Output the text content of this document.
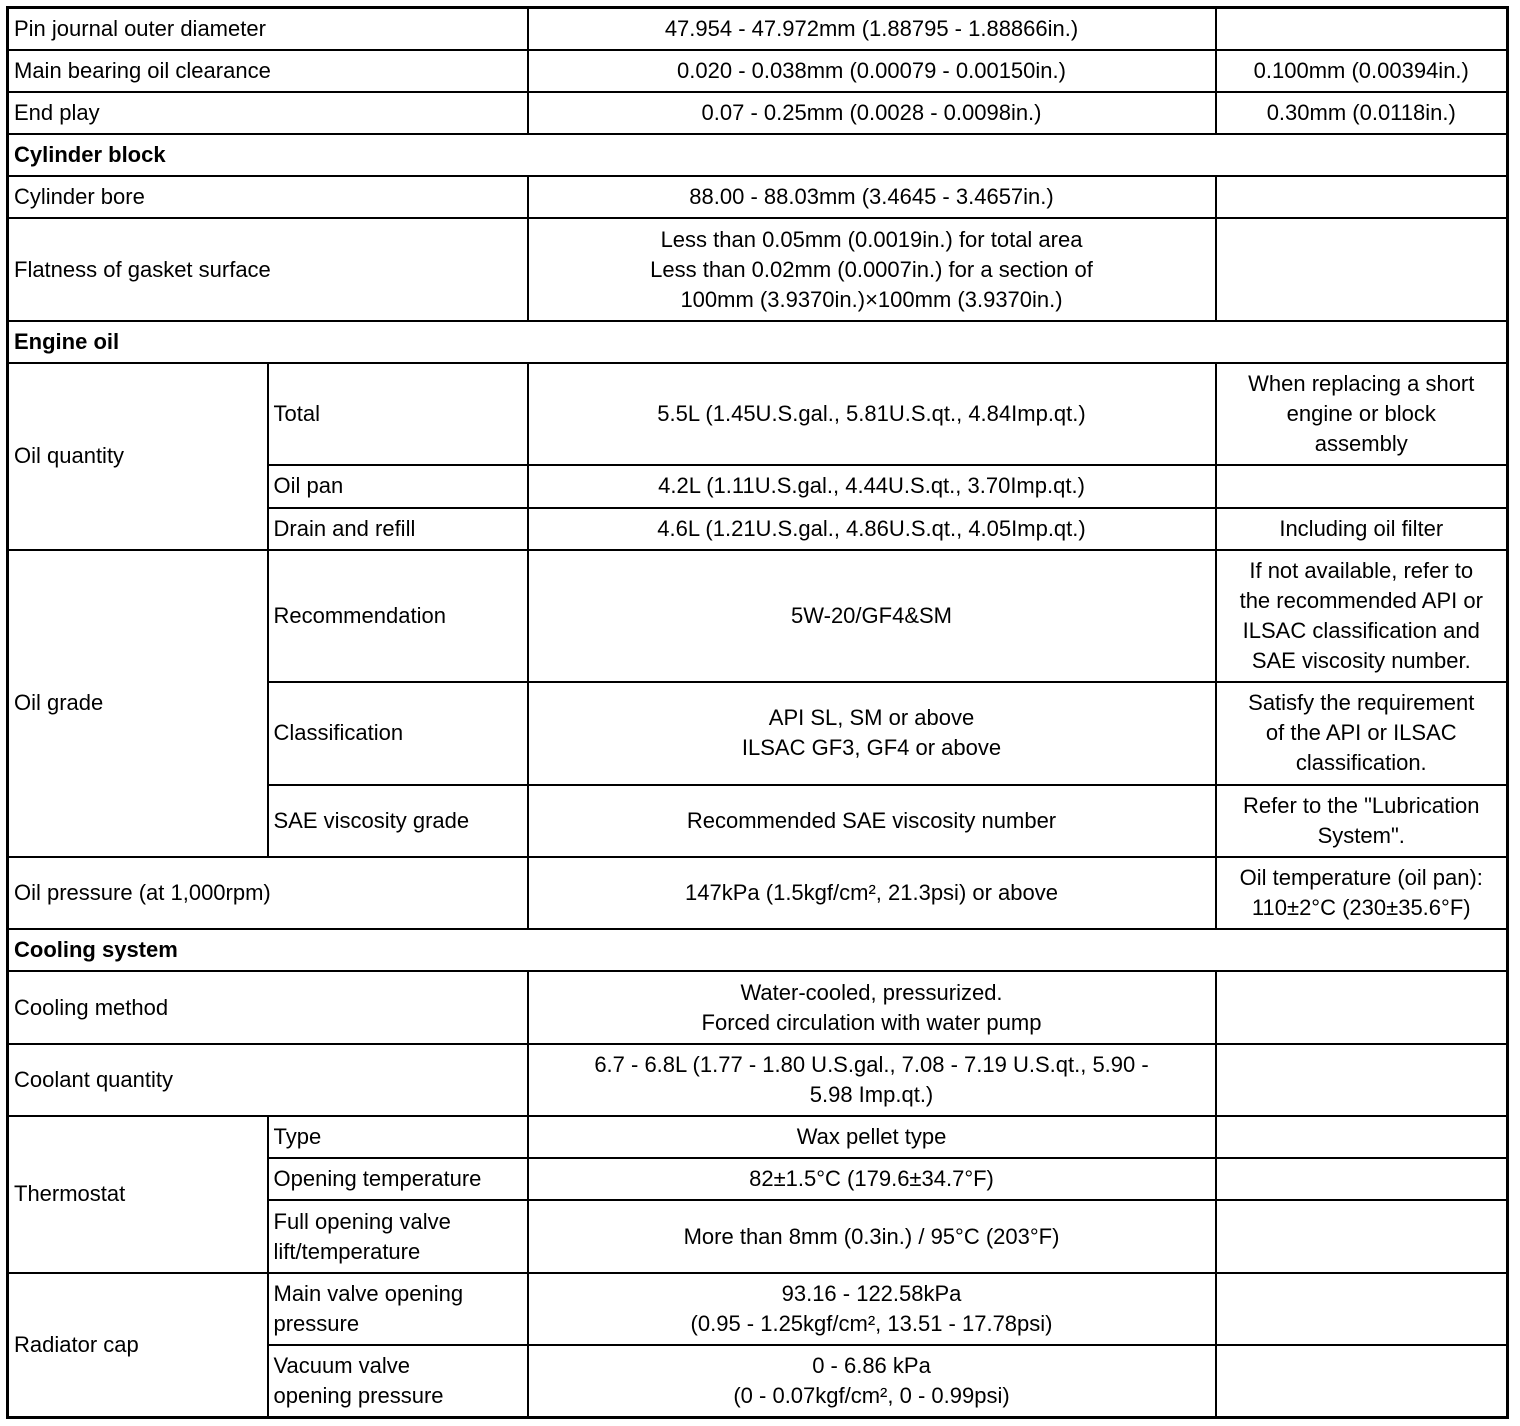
Pin journal outer diameter		47.954 - 47.972mm (1.88795 - 1.88866in.)	

Main bearing oil clearance		0.020 - 0.038mm (0.00079 - 0.00150in.)	0.100mm (0.00394in.)

End play		0.07 - 0.25mm (0.0028 - 0.0098in.)	0.30mm (0.0118in.)

Cylinder block			
Cylinder bore		88.00 - 88.03mm (3.4645 - 3.4657in.)	

Flatness of gasket surface		Less than 0.05mm (0.0019in.) for total area
Less than 0.02mm (0.0007in.) for a section of
100mm (3.9370in.)×100mm (3.9370in.)	

Engine oil			
Oil quantity	Total	5.5L (1.45U.S.gal., 5.81U.S.qt., 4.84Imp.qt.)	When replacing a short
engine or block
assembly

	Oil pan	4.2L (1.11U.S.gal., 4.44U.S.qt., 3.70Imp.qt.)	

	Drain and refill	4.6L (1.21U.S.gal., 4.86U.S.qt., 4.05Imp.qt.)	Including oil filter

Oil grade	Recommendation	5W-20/GF4&SM	If not available, refer to
the recommended API or
ILSAC classification and
SAE viscosity number.

	Classification	API SL, SM or above
ILSAC GF3, GF4 or above	Satisfy the requirement
of the API or ILSAC
classification.

	SAE viscosity grade	Recommended SAE viscosity number	Refer to the "Lubrication
System".

Oil pressure (at 1,000rpm)		147kPa (1.5kgf/cm², 21.3psi) or above	Oil temperature (oil pan):
110±2°C (230±35.6°F)

Cooling system			
Cooling method		Water-cooled, pressurized.
Forced circulation with water pump	

Coolant quantity		6.7 - 6.8L (1.77 - 1.80 U.S.gal., 7.08 - 7.19 U.S.qt., 5.90 -
5.98 Imp.qt.)	

Thermostat	Type	Wax pellet type	

	Opening temperature	82±1.5°C (179.6±34.7°F)	

	Full opening valve
lift/temperature	More than 8mm (0.3in.) / 95°C (203°F)	

Radiator cap	Main valve opening
pressure	93.16 - 122.58kPa
(0.95 - 1.25kgf/cm², 13.51 - 17.78psi)	

	Vacuum valve
opening pressure	0 - 6.86 kPa
(0 - 0.07kgf/cm², 0 - 0.99psi)	
